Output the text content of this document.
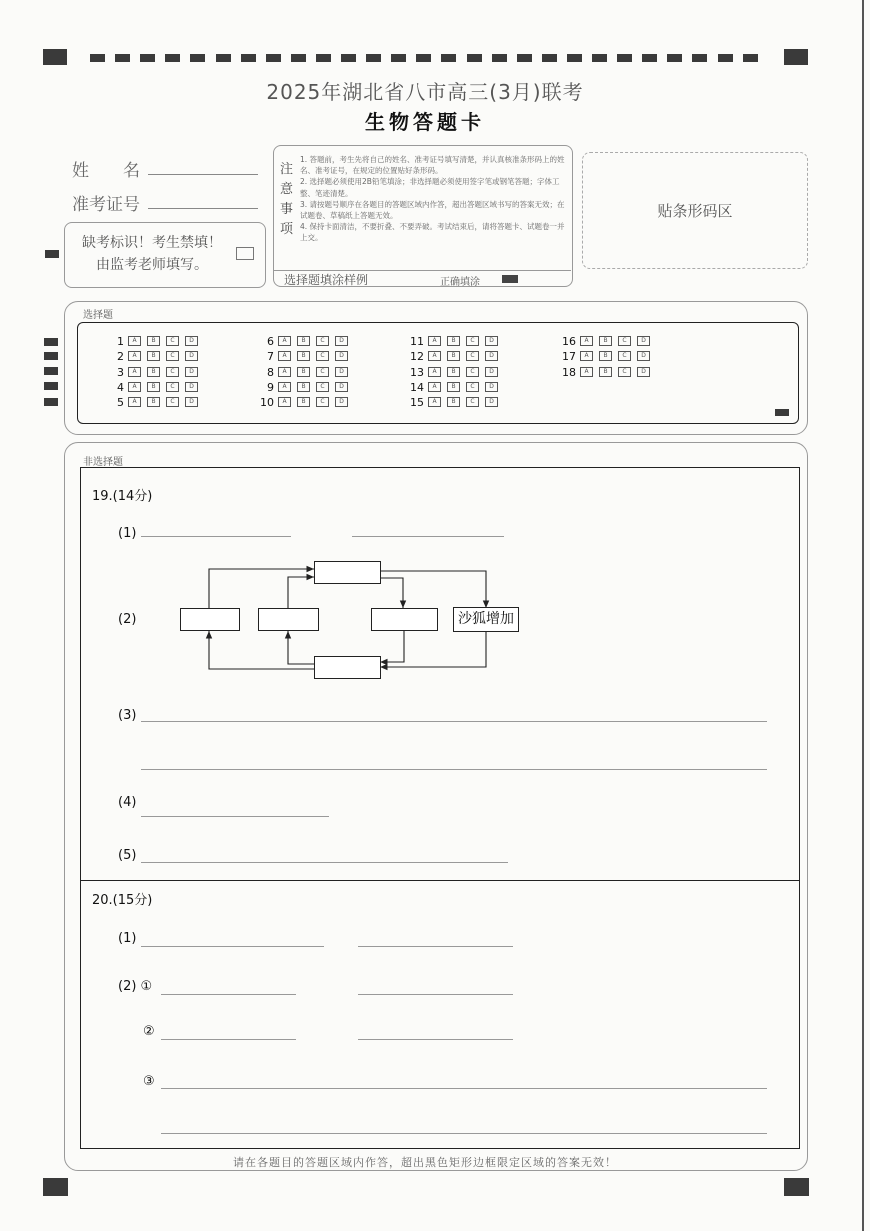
2025年湖北省八市高三(3月)联考
生物答题卡
姓　　名
准考证号
缺考标识！考生禁填！
由监考老师填写。
注意事项
1. 答题前，考生先将自己的姓名、准考证号填写清楚，并认真核准条形码上的姓名、准考证号，在规定的位置贴好条形码。
2. 选择题必须使用2B铅笔填涂；非选择题必须使用签字笔或钢笔答题；字体工整、笔迹清楚。
3. 请按题号顺序在各题目的答题区域内作答，超出答题区域书写的答案无效；在试题卷、草稿纸上答题无效。
4. 保持卡面清洁，不要折叠、不要弄破。考试结束后，请将答题卡、试题卷一并上交。
选择题填涂样例	正确填涂
贴条形码区
选择题
1	A	B	C	D
2	A	B	C	D
3	A	B	C	D
4	A	B	C	D
5	A	B	C	D
6	A	B	C	D
7	A	B	C	D
8	A	B	C	D
9	A	B	C	D
10	A	B	C	D
11	A	B	C	D
12	A	B	C	D
13	A	B	C	D
14	A	B	C	D
15	A	B	C	D
16	A	B	C	D
17	A	B	C	D
18	A	B	C	D
非选择题
19.(14分)
(1)
(2)	沙狐增加
(3)
(4)
(5)
20.(15分)
(1)
(2) ①
②
③
请在各题目的答题区域内作答，超出黑色矩形边框限定区域的答案无效！
